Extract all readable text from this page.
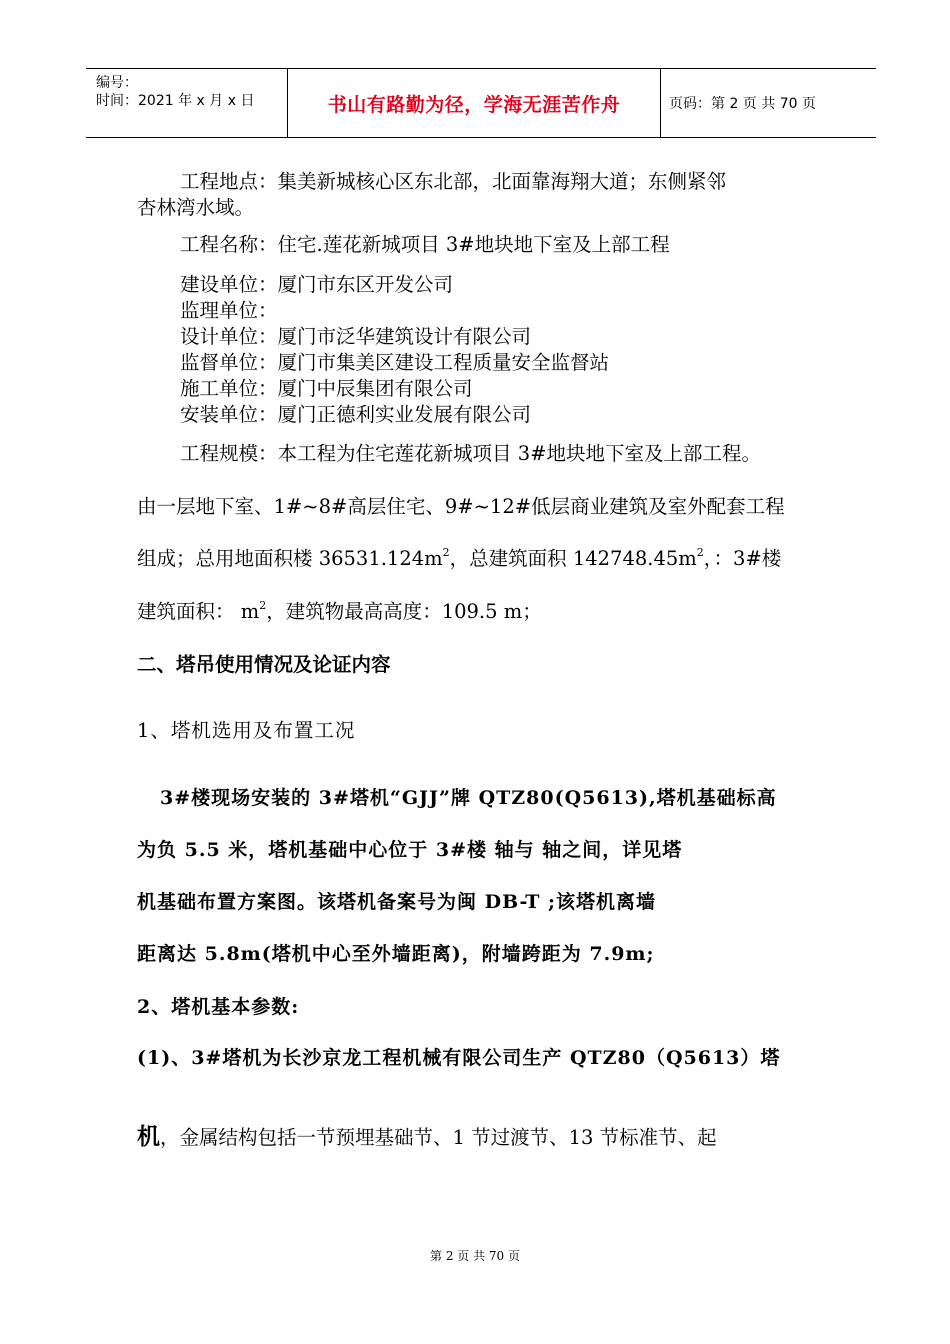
编号：
时间：2021 年 x 月 x 日	书山有路勤为径，学海无涯苦作舟	页码：第 2 页 共 70 页
工程地点：集美新城核心区东北部，北面靠海翔大道；东侧紧邻
杏林湾水域。
工程名称：住宅.莲花新城项目 3#地块地下室及上部工程
建设单位：厦门市东区开发公司
监理单位：
设计单位：厦门市泛华建筑设计有限公司
监督单位：厦门市集美区建设工程质量安全监督站
施工单位：厦门中辰集团有限公司
安装单位：厦门正德利实业发展有限公司
工程规模：本工程为住宅莲花新城项目 3#地块地下室及上部工程。
由一层地下室、1#~8#高层住宅、9#~12#低层商业建筑及室外配套工程
组成；总用地面积楼 $36531.124m^2$，总建筑面积 $142748.45m^2$，：3#楼
建筑面积： $m^2$，建筑物最高高度：109.5 m；
二、塔吊使用情况及论证内容
1、塔机选用及布置工况
3#楼现场安装的 3#塔机“GJJ”牌 QTZ80(Q5613),塔机基础标高
为负 5.5 米，塔机基础中心位于 3#楼 轴与 轴之间，详见塔
机基础布置方案图。该塔机备案号为闽 DB-T ;该塔机离墙
距离达 5.8m(塔机中心至外墙距离)，附墙跨距为 7.9m;
2、塔机基本参数:
(1)、3#塔机为长沙京龙工程机械有限公司生产 QTZ80（Q5613）塔
机，金属结构包括一节预埋基础节、1 节过渡节、13 节标准节、起
第 2 页 共 70 页
